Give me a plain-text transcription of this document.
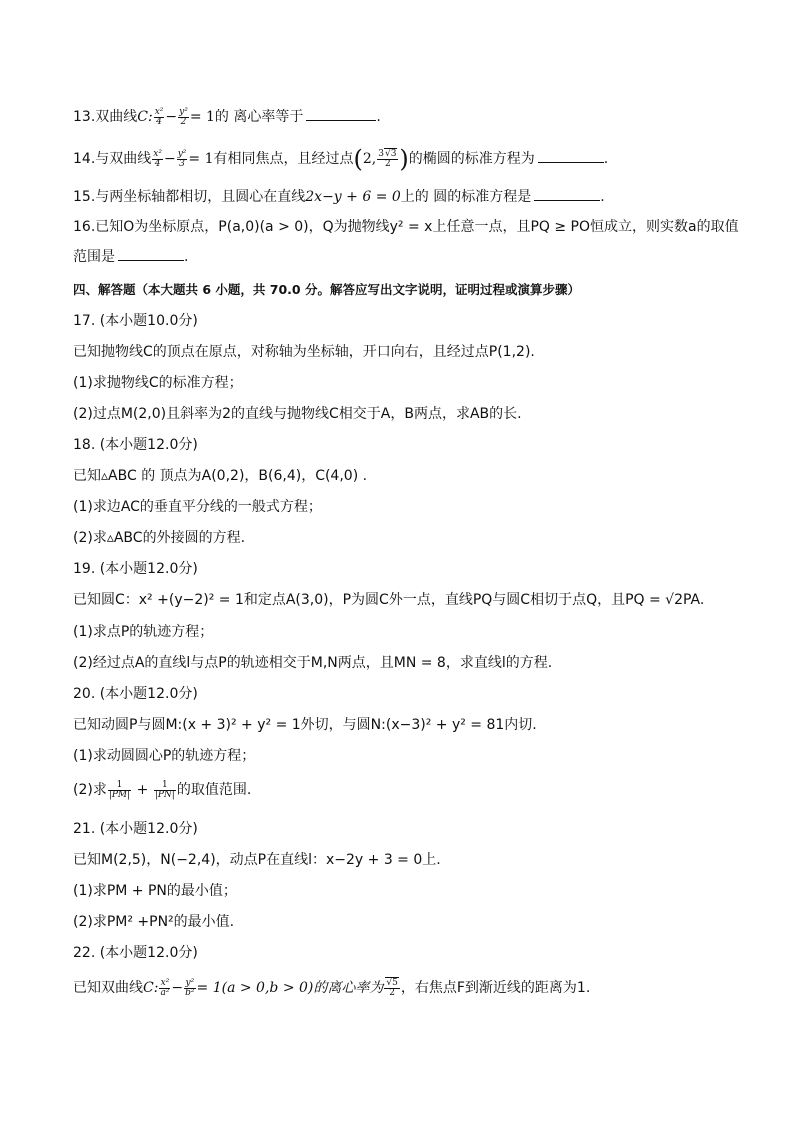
13.双曲线C: $\frac{\text{x²}}{4} - \frac{\text{y²}}{2} = 1$的 离心率等于	.
14.与双曲线 $\frac{\text{x²}}{4} - \frac{\text{y²}}{3} = 1$有相同焦点，且经过点(2, $\frac{3√3}{2}$ )的椭圆的标准方程为	.
15.与两坐标轴都相切，且圆心在直线2x−y + 6 = 0上的 圆的标准方程是	.
16.已知O为坐标原点，P(a,0)(a > 0)，Q为抛物线y² = x上任意一点，且PQ ≥ PO恒成立，则实数a的取值
范围是	.
四、解答题（本大题共 6 小题，共 70.0 分。解答应写出文字说明，证明过程或演算步骤）
17. (本小题10.0分)
已知抛物线C的顶点在原点，对称轴为坐标轴，开口向右，且经过点P(1,2).
(1)求抛物线C的标准方程；
(2)过点M(2,0)且斜率为2的直线与抛物线C相交于A，B两点，求AB的长.
18. (本小题12.0分)
已知▵ABC 的 顶点为A(0,2)，B(6,4)，C(4,0) .
(1)求边AC的垂直平分线的一般式方程；
(2)求▵ABC的外接圆的方程.
19. (本小题12.0分)
已知圆C：x² +(y−2)² = 1和定点A(3,0)，P为圆C外一点，直线PQ与圆C相切于点Q，且PQ = √2PA.
(1)求点P的轨迹方程；
(2)经过点A的直线l与点P的轨迹相交于M,N两点，且MN = 8，求直线l的方程.
20. (本小题12.0分)
已知动圆P与圆M:(x + 3)² + y² = 1外切，与圆N:(x−3)² + y² = 81内切.
(1)求动圆圆心P的轨迹方程；
(2)求 $\frac{1}{|PM|} + \frac{1}{|PN|}$ 的取值范围.
21. (本小题12.0分)
已知M(2,5)，N(−2,4)，动点P在直线l：x−2y + 3 = 0上.
(1)求PM + PN的最小值；
(2)求PM² +PN²的最小值.
22. (本小题12.0分)
已知双曲线C: $\frac{\text{x²}}{\text{a²}} - \frac{\text{y²}}{\text{b²}} = 1(a > 0,b > 0)$的离心率为 $\frac{√5}{2}$ ，右焦点F到渐近线的距离为1.
